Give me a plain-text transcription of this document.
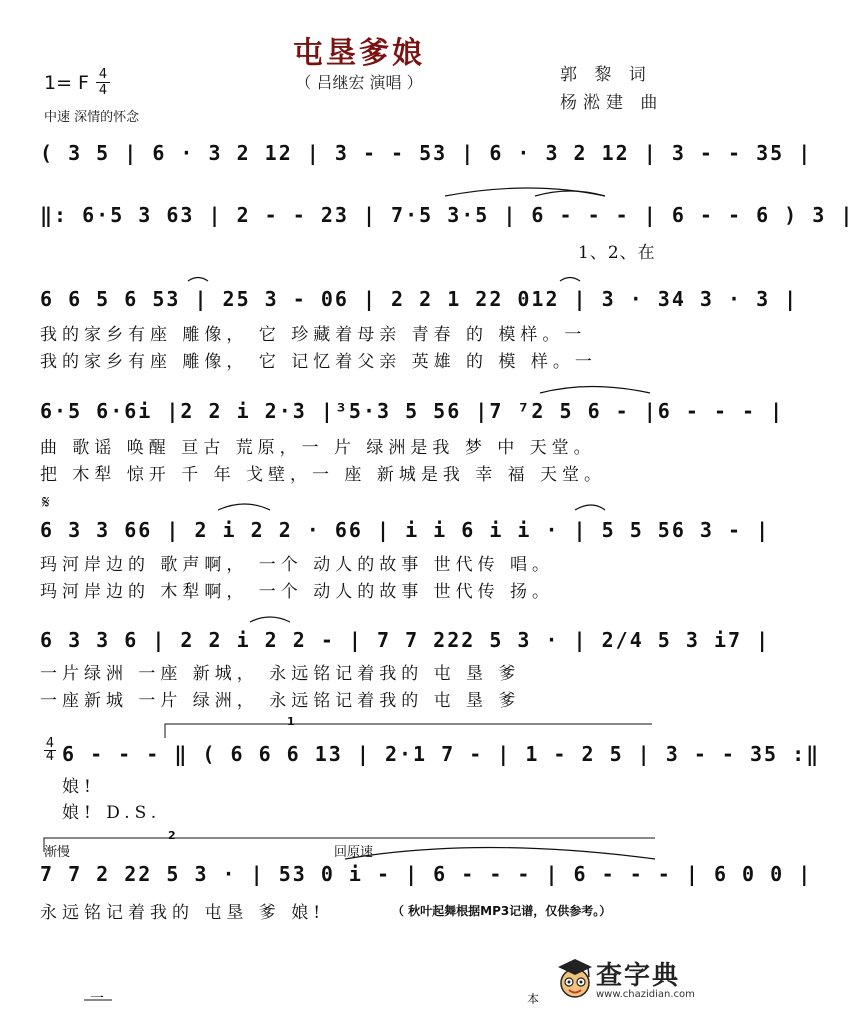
屯垦爹娘
（ 吕继宏 演唱 ）	郭 黎 词
杨淞建 曲
1= F 4
4
中速 深情的怀念
( 3 5 | 6 · 3 2 12 | 3 - - 53 | 6 · 3 2 12 | 3 - - 35 |
‖: 6·5 3 63 | 2 - - 23 | 7·5 3·5 | 6 - - - | 6 - - 6 ) 3 |
1、2、在
6 6 5 6 53 | 25 3 - 06 | 2 2 1 22 012 | 3 · 34 3 · 3 |
我的家乡有座 雕像， 它 珍藏着母亲 青春 的 模样。一
我的家乡有座 雕像， 它 记忆着父亲 英雄 的 模 样。一
6·5 6·6i |2 2 i 2·3 |³5·3 5 56 |7 ⁷2 5 6 - |6 - - - |
曲 歌谣 唤醒 亘古 荒原，一 片 绿洲是我 梦 中 天堂。
把 木犁 惊开 千 年 戈壁，一 座 新城是我 幸 福 天堂。
𝄋
6 3 3 66 | 2 i 2 2 · 66 | i i 6 i i · | 5 5 56 3 - |
玛河岸边的 歌声啊， 一个 动人的故事 世代传 唱。
玛河岸边的 木犁啊， 一个 动人的故事 世代传 扬。
6 3 3 6 | 2 2 i 2 2 - | 7 7 222 5 3 · | 2/4 5 3 i7 |
一片绿洲 一座 新城， 永远铭记着我的 屯 垦 爹
一座新城 一片 绿洲， 永远铭记着我的 屯 垦 爹
1
4
4 6 - - - ‖ ( 6 6 6 13 | 2·1 7 - | 1 - 2 5 | 3 - - 35 :‖
娘!
娘! D.S.
2
渐慢	回原速
7 7 2 22 5 3 · | 53 0 i - | 6 - - - | 6 - - - | 6 0 0 |
永远铭记着我的 屯垦 爹 娘!	（ 秋叶起舞根据MP3记谱，仅供参考。）
一	本
查字典
www.chazidian.com
